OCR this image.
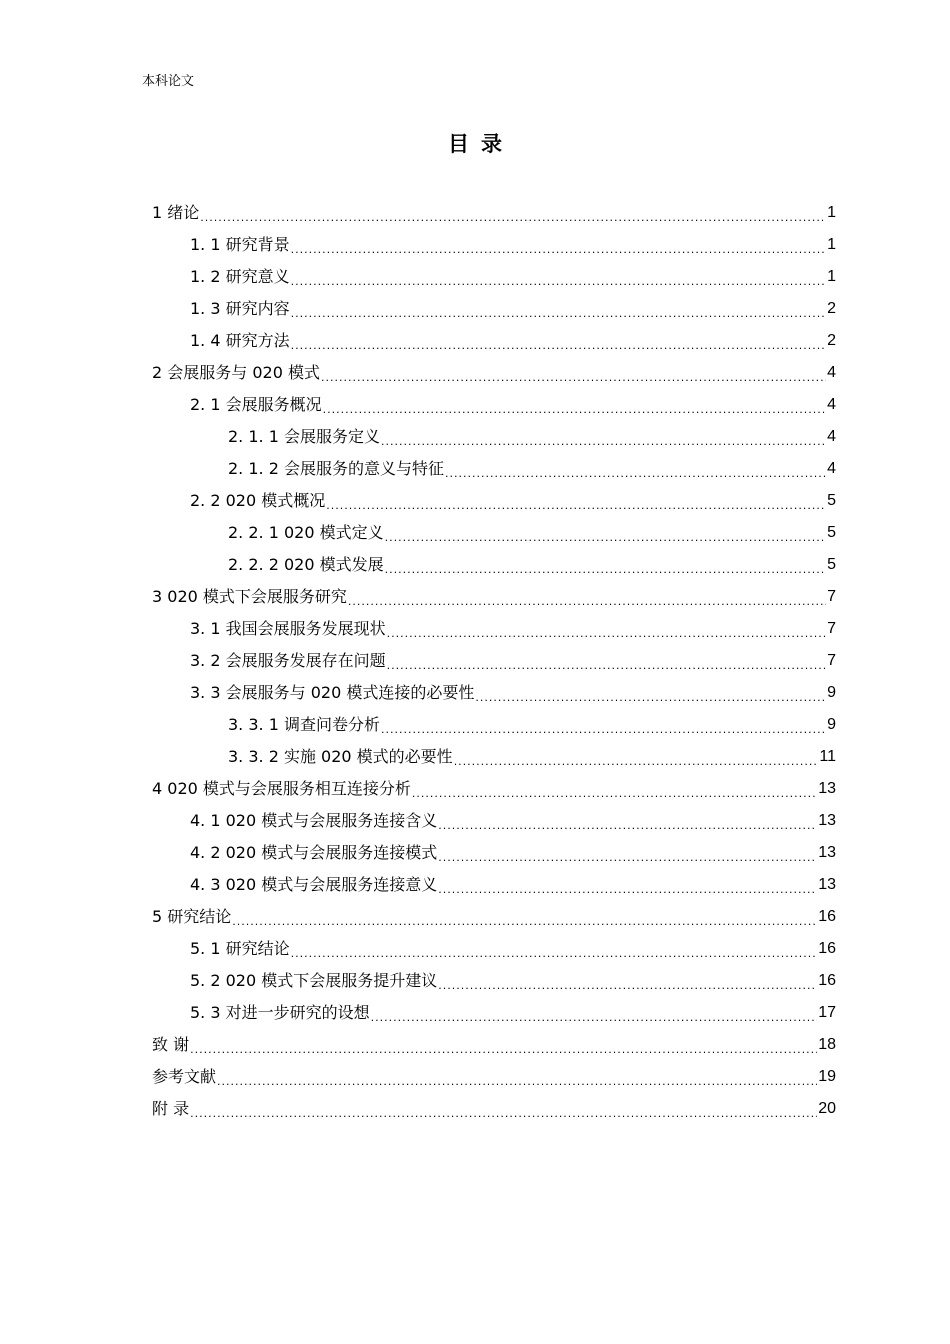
本科论文
目录
1 绪论 .....	1
1. 1 研究背景 .....	1
1. 2 研究意义 .....	1
1. 3 研究内容 .....	2
1. 4 研究方法 .....	2
2 会展服务与 020 模式 .....	4
2. 1 会展服务概况 .....	4
2. 1. 1 会展服务定义 .....	4
2. 1. 2 会展服务的意义与特征 .....	4
2. 2 020 模式概况 .....	5
2. 2. 1 020 模式定义 .....	5
2. 2. 2 020 模式发展 .....	5
3 020 模式下会展服务研究 .....	7
3. 1 我国会展服务发展现状 .....	7
3. 2 会展服务发展存在问题 .....	7
3. 3 会展服务与 020 模式连接的必要性 .....	9
3. 3. 1 调查问卷分析 .....	9
3. 3. 2 实施 020 模式的必要性 .....	11
4 020 模式与会展服务相互连接分析 .....	13
4. 1 020 模式与会展服务连接含义 .....	13
4. 2 020 模式与会展服务连接模式 .....	13
4. 3 020 模式与会展服务连接意义 .....	13
5 研究结论 .....	16
5. 1 研究结论 .....	16
5. 2 020 模式下会展服务提升建议 .....	16
5. 3 对进一步研究的设想 .....	17
致 谢 .....	18
参考文献 .....	19
附 录 .....	20
